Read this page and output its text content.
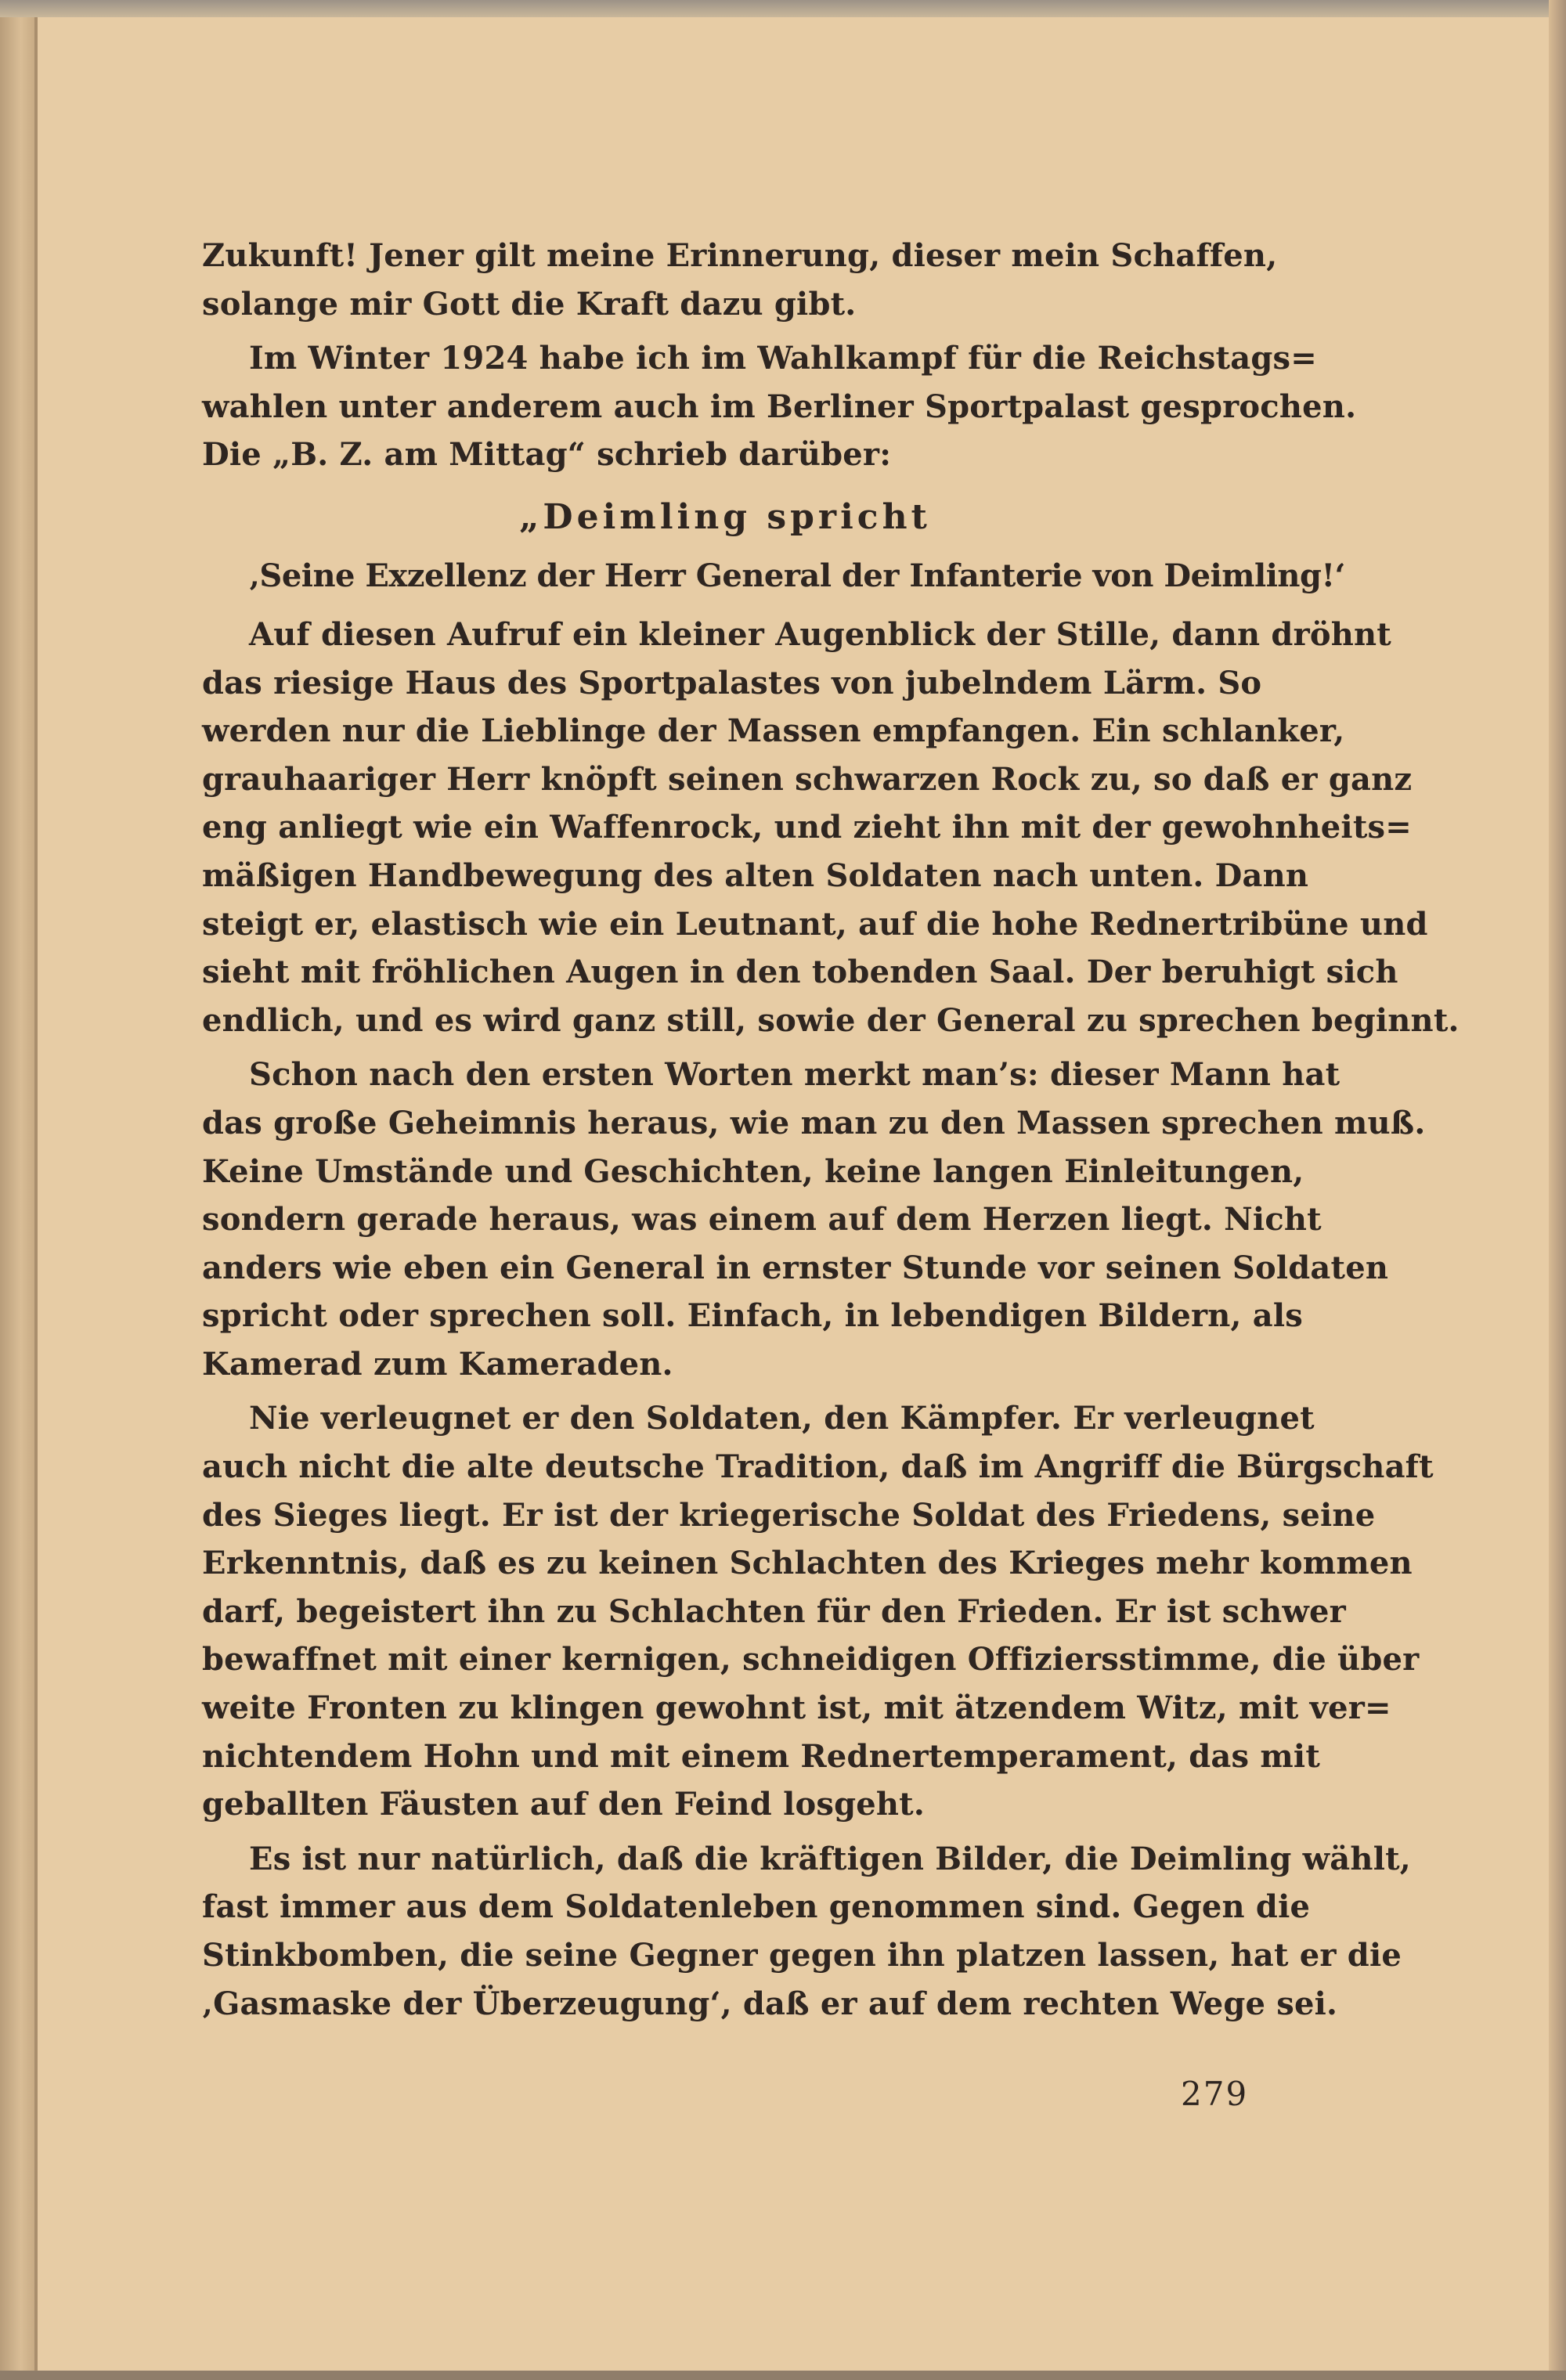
Zukunft! Jener gilt meine Erinnerung, dieser mein Schaffen,
solange mir Gott die Kraft dazu gibt.
Im Winter 1924 habe ich im Wahlkampf für die Reichstags=
wahlen unter anderem auch im Berliner Sportpalast gesprochen.
Die „B. Z. am Mittag“ schrieb darüber:
„Deimling spricht
‚Seine Exzellenz der Herr General der Infanterie von Deimling!‘
Auf diesen Aufruf ein kleiner Augenblick der Stille, dann dröhnt
das riesige Haus des Sportpalastes von jubelndem Lärm. So
werden nur die Lieblinge der Massen empfangen. Ein schlanker,
grauhaariger Herr knöpft seinen schwarzen Rock zu, so daß er ganz
eng anliegt wie ein Waffenrock, und zieht ihn mit der gewohnheits=
mäßigen Handbewegung des alten Soldaten nach unten. Dann
steigt er, elastisch wie ein Leutnant, auf die hohe Rednertribüne und
sieht mit fröhlichen Augen in den tobenden Saal. Der beruhigt sich
endlich, und es wird ganz still, sowie der General zu sprechen beginnt.
Schon nach den ersten Worten merkt man’s: dieser Mann hat
das große Geheimnis heraus, wie man zu den Massen sprechen muß.
Keine Umstände und Geschichten, keine langen Einleitungen,
sondern gerade heraus, was einem auf dem Herzen liegt. Nicht
anders wie eben ein General in ernster Stunde vor seinen Soldaten
spricht oder sprechen soll. Einfach, in lebendigen Bildern, als
Kamerad zum Kameraden.
Nie verleugnet er den Soldaten, den Kämpfer. Er verleugnet
auch nicht die alte deutsche Tradition, daß im Angriff die Bürgschaft
des Sieges liegt. Er ist der kriegerische Soldat des Friedens, seine
Erkenntnis, daß es zu keinen Schlachten des Krieges mehr kommen
darf, begeistert ihn zu Schlachten für den Frieden. Er ist schwer
bewaffnet mit einer kernigen, schneidigen Offiziersstimme, die über
weite Fronten zu klingen gewohnt ist, mit ätzendem Witz, mit ver=
nichtendem Hohn und mit einem Rednertemperament, das mit
geballten Fäusten auf den Feind losgeht.
Es ist nur natürlich, daß die kräftigen Bilder, die Deimling wählt,
fast immer aus dem Soldatenleben genommen sind. Gegen die
Stinkbomben, die seine Gegner gegen ihn platzen lassen, hat er die
‚Gasmaske der Überzeugung‘, daß er auf dem rechten Wege sei.
279
